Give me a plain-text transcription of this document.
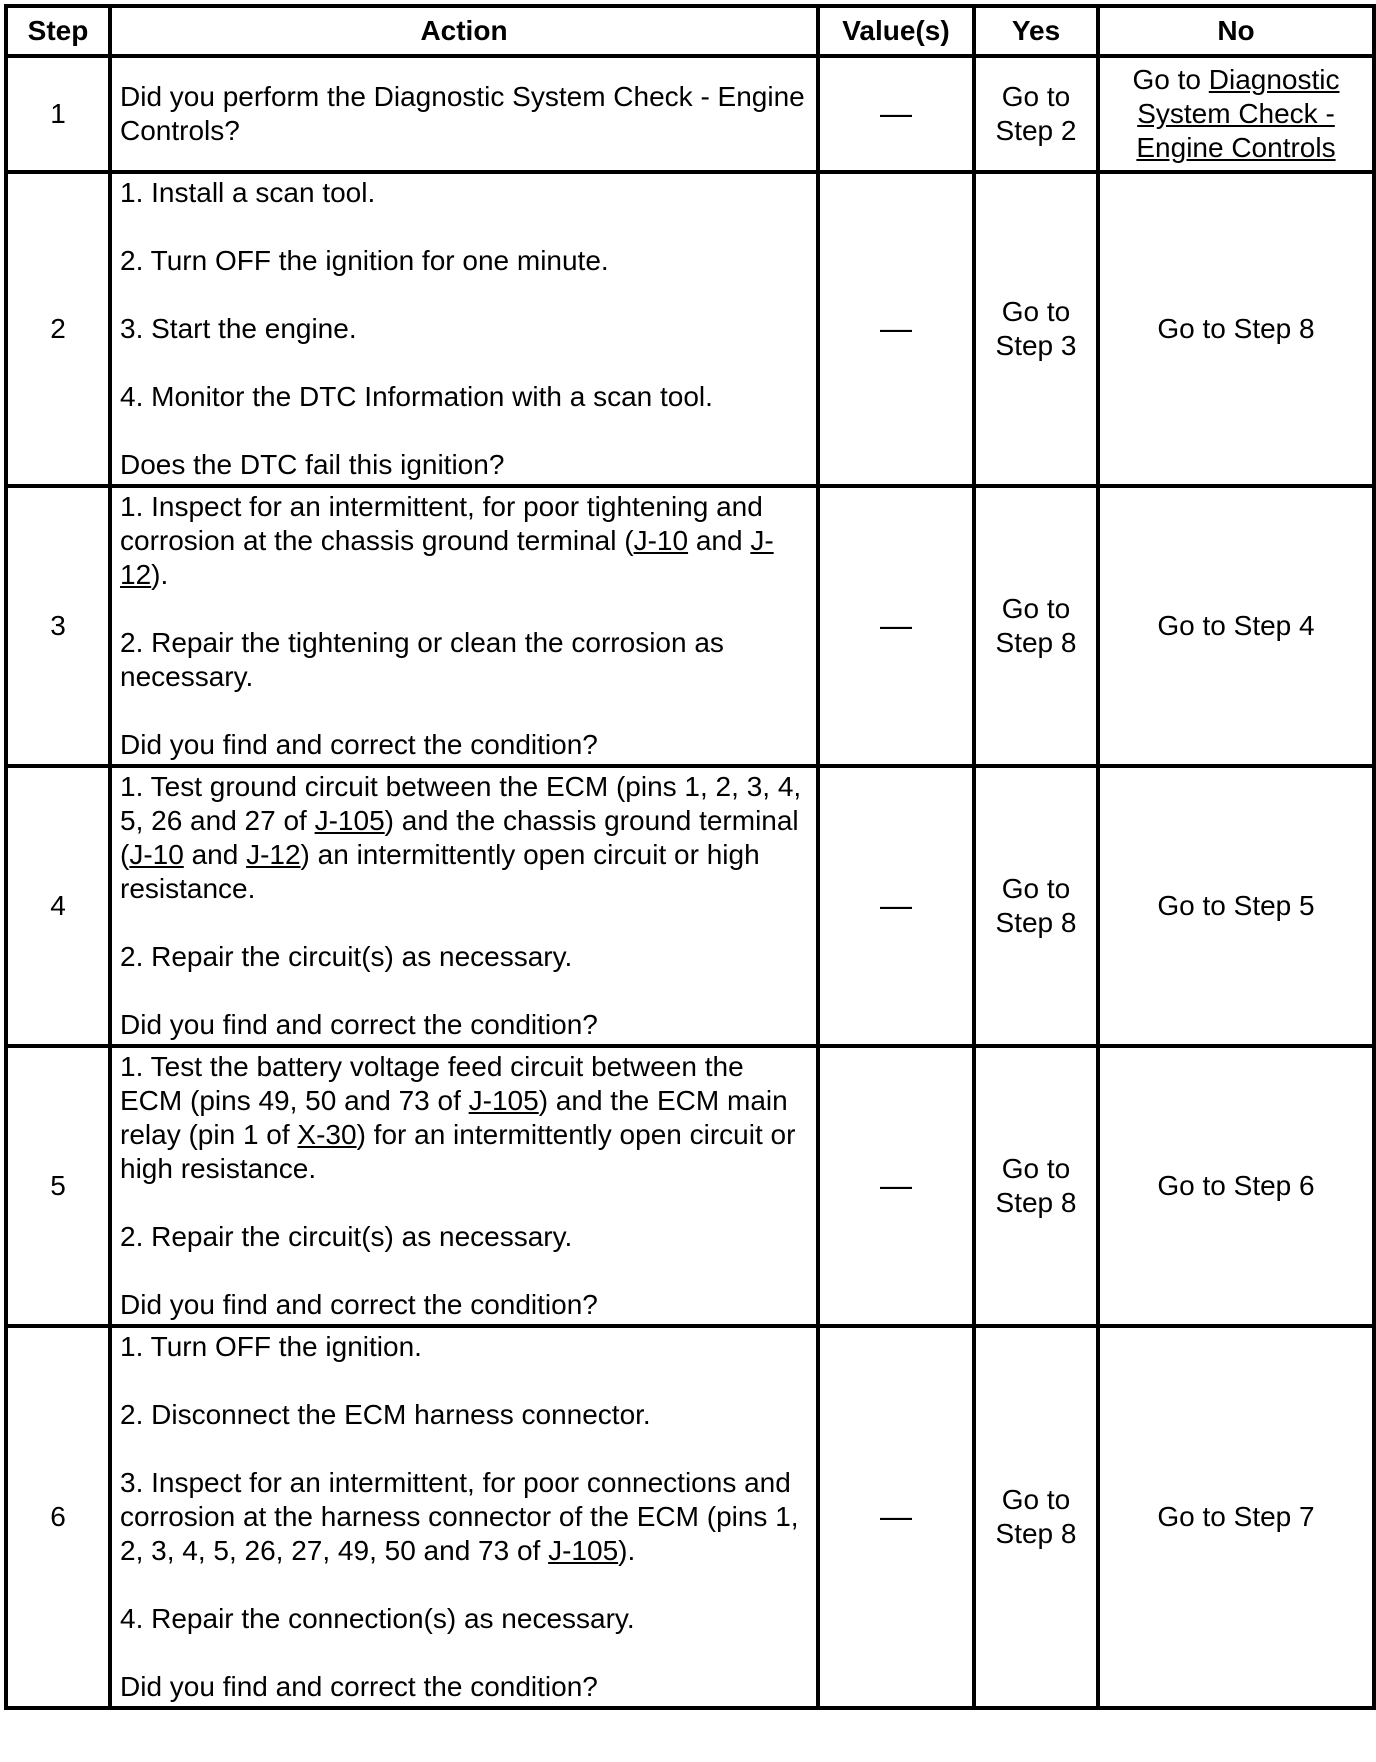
Step	Action	Value(s)	Yes	No
1	Did you perform the Diagnostic System Check - Engine Controls?	—	Go to Step 2	Go to Diagnostic System Check - Engine Controls
2	1. Install a scan tool.

2. Turn OFF the ignition for one minute.

3. Start the engine.

4. Monitor the DTC Information with a scan tool.

Does the DTC fail this ignition?	—	Go to Step 3	Go to Step 8
3	1. Inspect for an intermittent, for poor tightening and corrosion at the chassis ground terminal (J-10 and J-12).

2. Repair the tightening or clean the corrosion as necessary.

Did you find and correct the condition?	—	Go to Step 8	Go to Step 4
4	1. Test ground circuit between the ECM (pins 1, 2, 3, 4, 5, 26 and 27 of J-105) and the chassis ground terminal (J-10 and J-12) an intermittently open circuit or high resistance.

2. Repair the circuit(s) as necessary.

Did you find and correct the condition?	—	Go to Step 8	Go to Step 5
5	1. Test the battery voltage feed circuit between the ECM (pins 49, 50 and 73 of J-105) and the ECM main relay (pin 1 of X-30) for an intermittently open circuit or high resistance.

2. Repair the circuit(s) as necessary.

Did you find and correct the condition?	—	Go to Step 8	Go to Step 6
6	1. Turn OFF the ignition.

2. Disconnect the ECM harness connector.

3. Inspect for an intermittent, for poor connections and corrosion at the harness connector of the ECM (pins 1, 2, 3, 4, 5, 26, 27, 49, 50 and 73 of J-105).

4. Repair the connection(s) as necessary.

Did you find and correct the condition?	—	Go to Step 8	Go to Step 7
